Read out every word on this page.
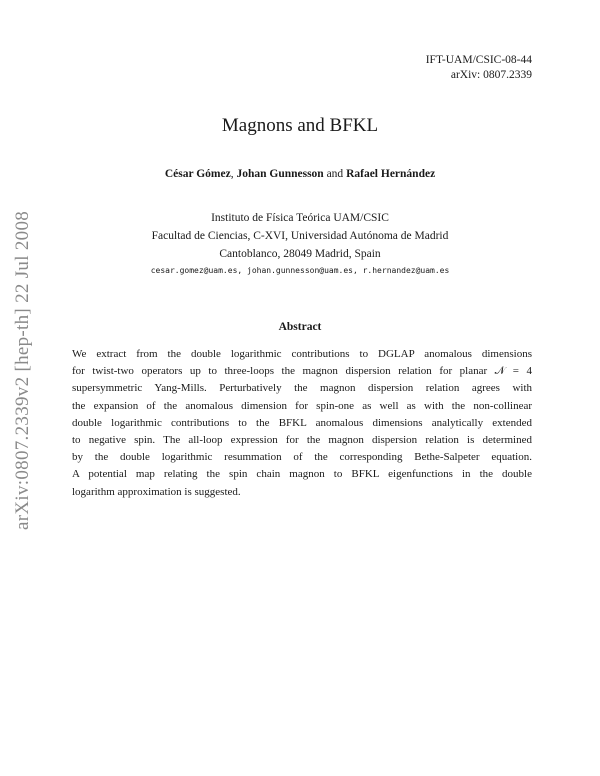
arXiv:0807.2339v2 [hep-th] 22 Jul 2008
IFT-UAM/CSIC-08-44
arXiv: 0807.2339
Magnons and BFKL
César Gómez, Johan Gunnesson and Rafael Hernández
Instituto de Física Teórica UAM/CSIC
Facultad de Ciencias, C-XVI, Universidad Autónoma de Madrid
Cantoblanco, 28049 Madrid, Spain
cesar.gomez@uam.es, johan.gunnesson@uam.es, r.hernandez@uam.es
Abstract
We extract from the double logarithmic contributions to DGLAP anomalous dimensions
for twist-two operators up to three-loops the magnon dispersion relation for planar 𝒩 = 4
supersymmetric Yang-Mills. Perturbatively the magnon dispersion relation agrees with
the expansion of the anomalous dimension for spin-one as well as with the non-collinear
double logarithmic contributions to the BFKL anomalous dimensions analytically extended
to negative spin. The all-loop expression for the magnon dispersion relation is determined
by the double logarithmic resummation of the corresponding Bethe-Salpeter equation.
A potential map relating the spin chain magnon to BFKL eigenfunctions in the double
logarithm approximation is suggested.
